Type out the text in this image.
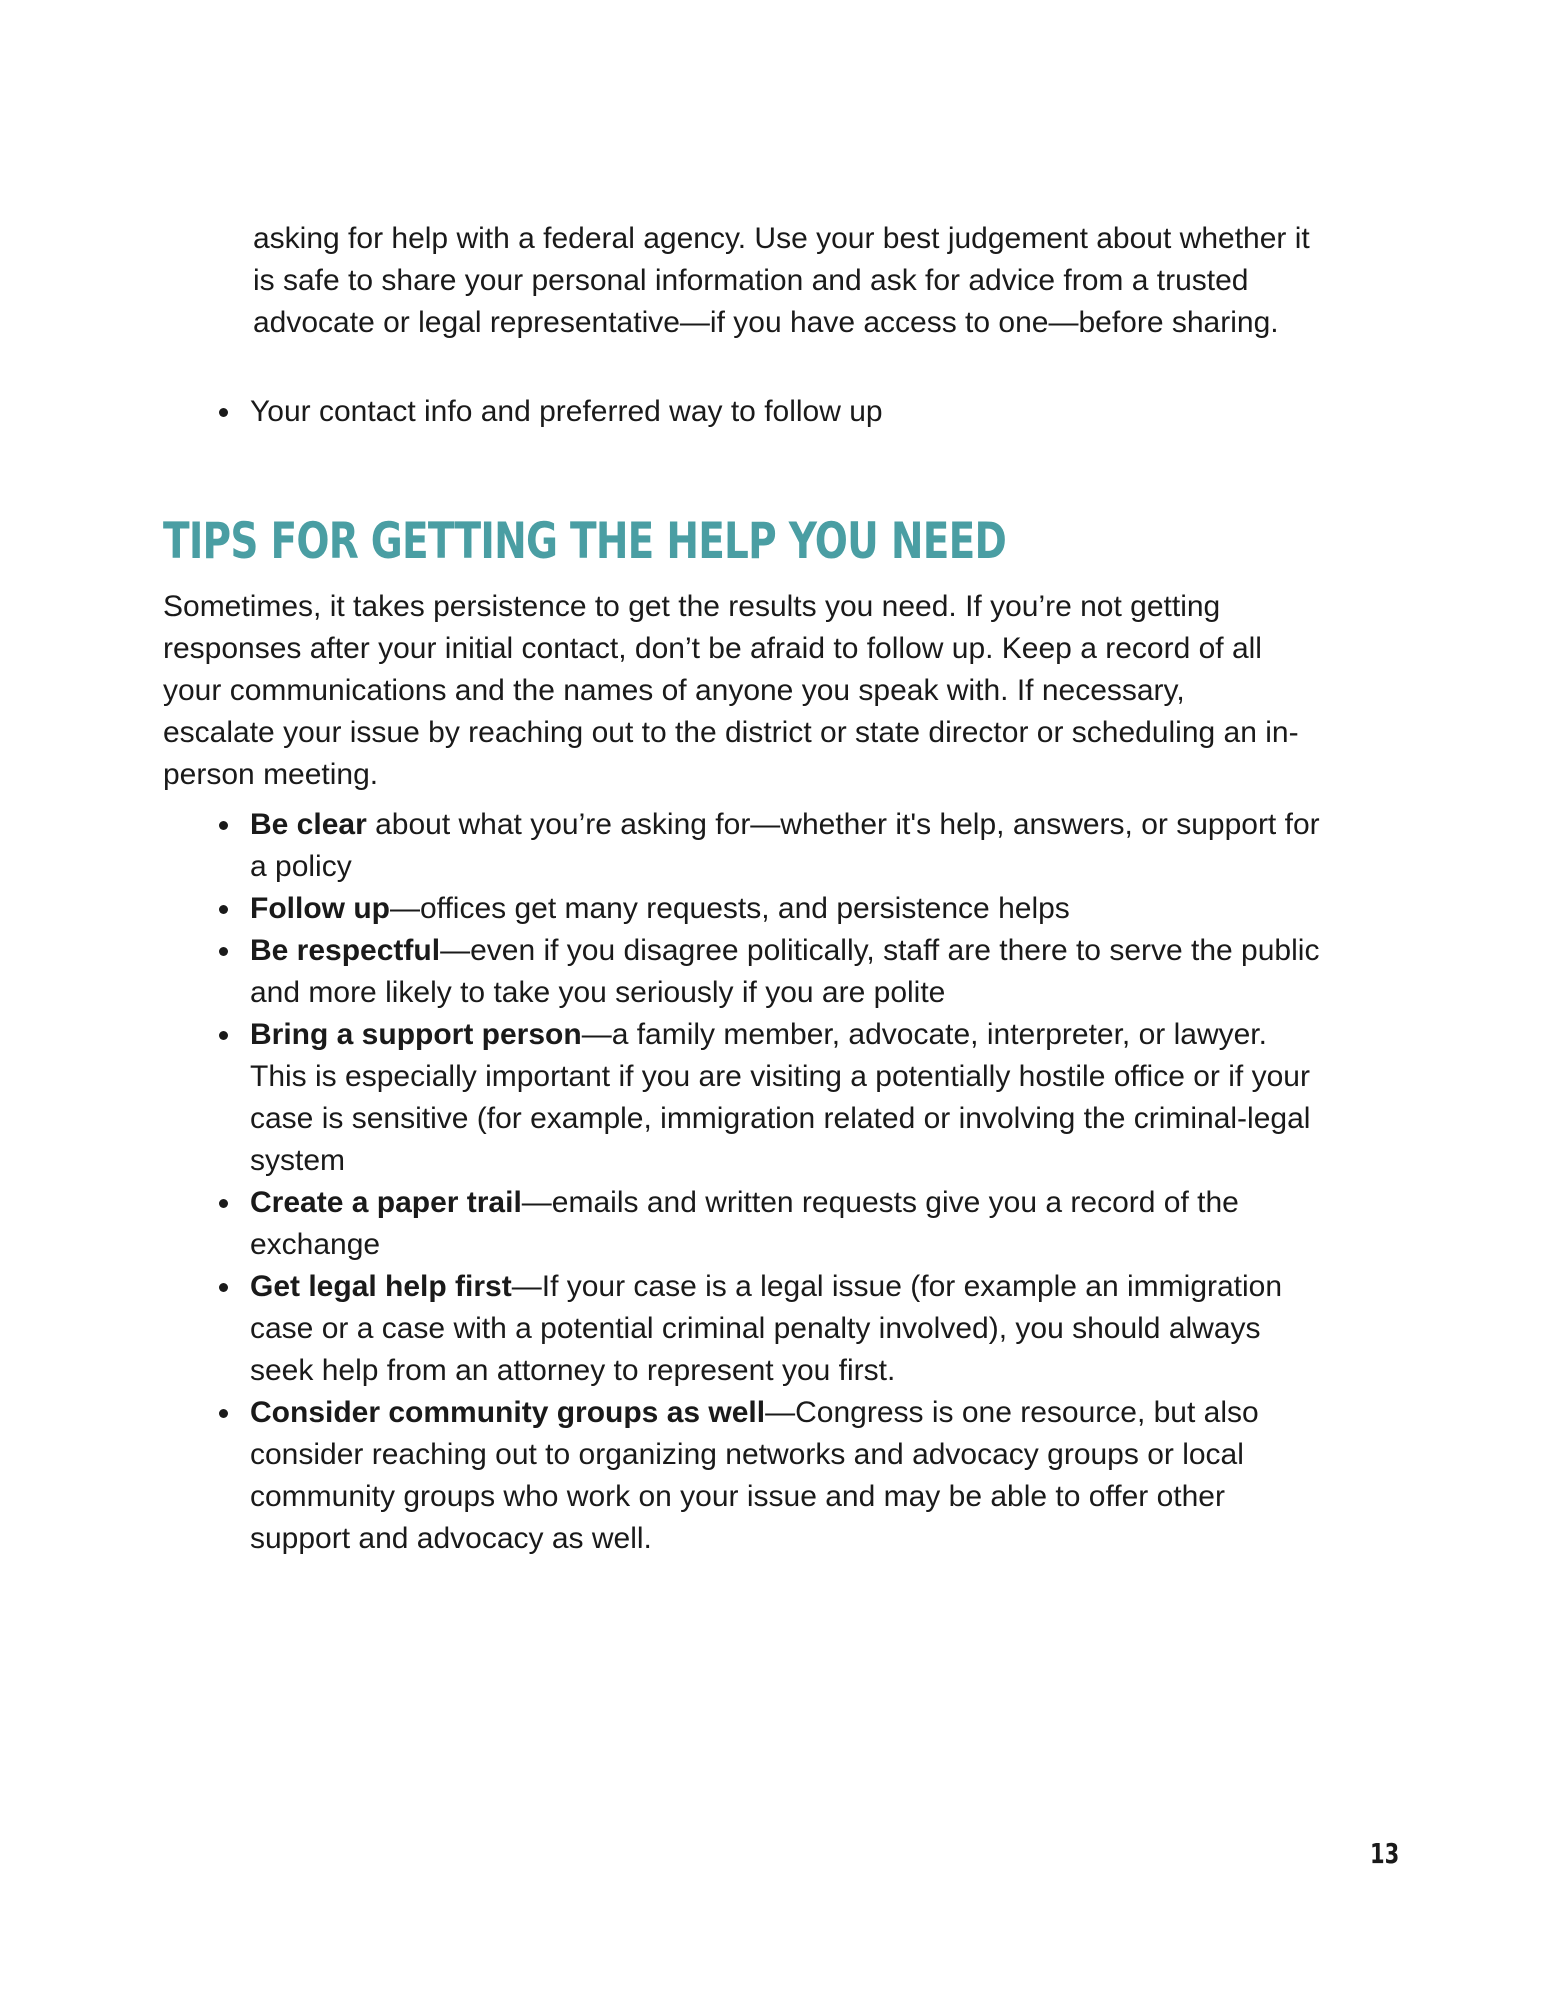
asking for help with a federal agency. Use your best judgement about whether it is safe to share your personal information and ask for advice from a trusted advocate or legal representative—if you have access to one—before sharing.

Your contact info and preferred way to follow up
TIPS FOR GETTING THE HELP YOU NEED

Sometimes, it takes persistence to get the results you need. If you’re not getting responses after your initial contact, don’t be afraid to follow up. Keep a record of all your communications and the names of anyone you speak with. If necessary, escalate your issue by reaching out to the district or state director or scheduling an in-person meeting.

Be clear about what you’re asking for—whether it's help, answers, or support for a policy
Follow up—offices get many requests, and persistence helps
Be respectful—even if you disagree politically, staff are there to serve the public and more likely to take you seriously if you are polite
Bring a support person—a family member, advocate, interpreter, or lawyer. This is especially important if you are visiting a potentially hostile office or if your case is sensitive (for example, immigration related or involving the criminal-legal system
Create a paper trail—emails and written requests give you a record of the exchange
Get legal help first—If your case is a legal issue (for example an immigration case or a case with a potential criminal penalty involved), you should always seek help from an attorney to represent you first.
Consider community groups as well—Congress is one resource, but also consider reaching out to organizing networks and advocacy groups or local community groups who work on your issue and may be able to offer other support and advocacy as well.
13
